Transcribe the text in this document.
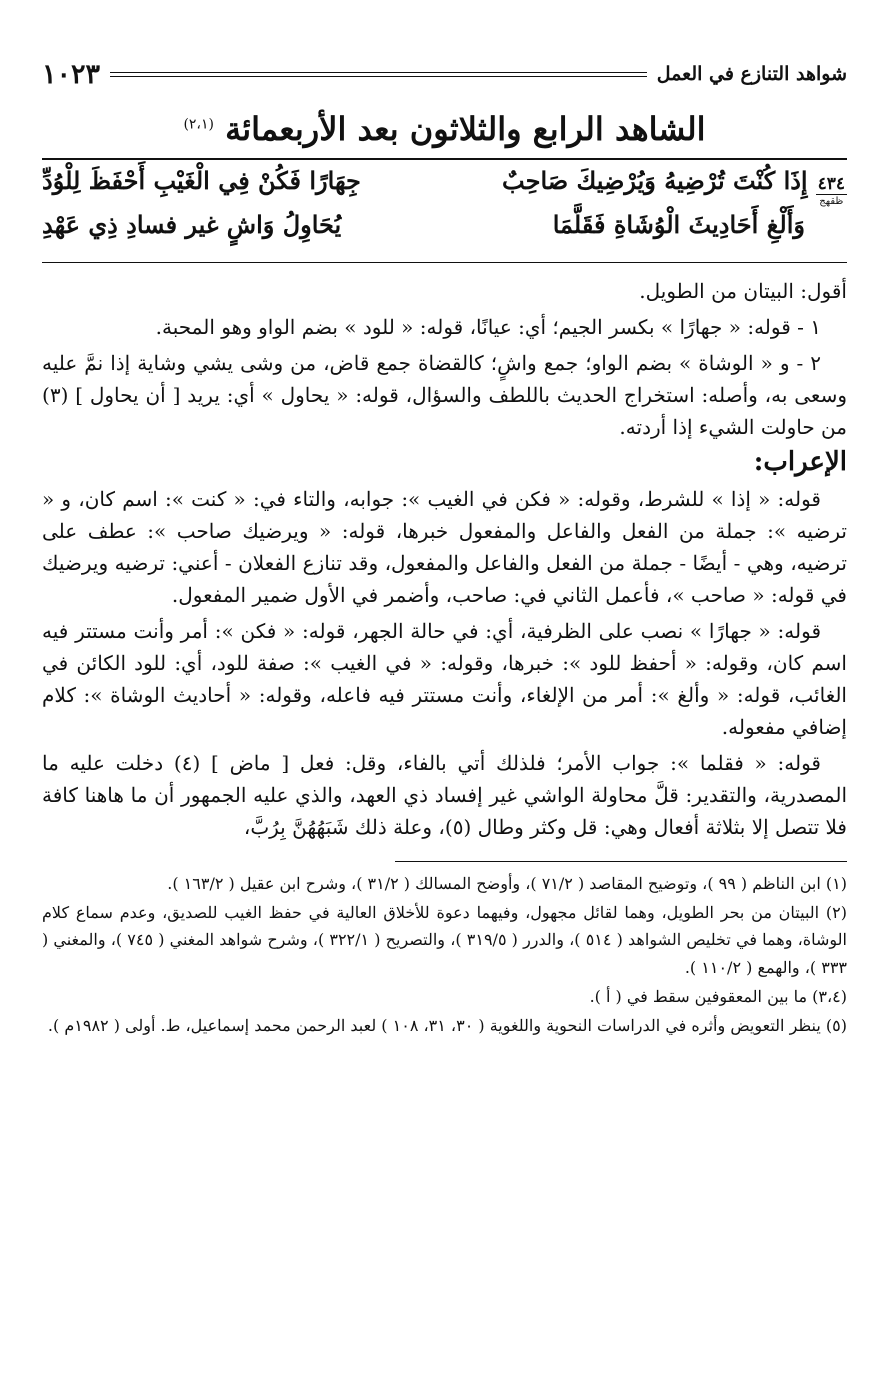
شواهد التنازع في العمل
١٠٢٣
الشاهد الرابع والثلاثون بعد الأربعمائة $^{(٢،١)}$
٤٣٤
ظقهج
إِذَا كُنْتَ تُرْضِيهُ وَيُرْضِيكَ صَاحِبٌ
جِهَارًا فَكُنْ فِي الْغَيْبِ أَحْفَظَ لِلْوُدِّ
وَأَلْغِ أَحَادِيثَ الْوُشَاةِ فَقَلَّمَا
يُحَاوِلُ وَاشٍ غير فسادِ ذِي عَهْدِ

أقول: البيتان من الطويل.

١ - قوله: « جهارًا » بكسر الجيم؛ أي: عيانًا، قوله: « للود » بضم الواو وهو المحبة.

٢ - و « الوشاة » بضم الواو؛ جمع واشٍ؛ كالقضاة جمع قاض، من وشى يشي وشاية إذا نمَّ عليه وسعى به، وأصله: استخراج الحديث باللطف والسؤال، قوله: « يحاول » أي: يريد [ أن يحاول ] (٣) من حاولت الشيء إذا أردته.

الإعراب:

قوله: « إذا » للشرط، وقوله: « فكن في الغيب »: جوابه، والتاء في: « كنت »: اسم كان، و « ترضيه »: جملة من الفعل والفاعل والمفعول خبرها، قوله: « ويرضيك صاحب »: عطف على ترضيه، وهي - أيضًا - جملة من الفعل والفاعل والمفعول، وقد تنازع الفعلان - أعني: ترضيه ويرضيك في قوله: « صاحب »، فأعمل الثاني في: صاحب، وأضمر في الأول ضمير المفعول.

قوله: « جهارًا » نصب على الظرفية، أي: في حالة الجهر، قوله: « فكن »: أمر وأنت مستتر فيه اسم كان، وقوله: « أحفظ للود »: خبرها، وقوله: « في الغيب »: صفة للود، أي: للود الكائن في الغائب، قوله: « وألغ »: أمر من الإلغاء، وأنت مستتر فيه فاعله، وقوله: « أحاديث الوشاة »: كلام إضافي مفعوله.

قوله: « فقلما »: جواب الأمر؛ فلذلك أتي بالفاء، وقل: فعل [ ماض ] (٤) دخلت عليه ما المصدرية، والتقدير: قلَّ محاولة الواشي غير إفساد ذي العهد، والذي عليه الجمهور أن ما هاهنا كافة فلا تتصل إلا بثلاثة أفعال وهي: قل وكثر وطال (٥)، وعلة ذلك شَبَهُهُنَّ بِرُبَّ،

(١) ابن الناظم ( ٩٩ )، وتوضيح المقاصد ( ٧١/٢ )، وأوضح المسالك ( ٣١/٢ )، وشرح ابن عقيل ( ١٦٣/٢ ).

(٢) البيتان من بحر الطويل، وهما لقائل مجهول، وفيهما دعوة للأخلاق العالية في حفظ الغيب للصديق، وعدم سماع كلام الوشاة، وهما في تخليص الشواهد ( ٥١٤ )، والدرر ( ٣١٩/٥ )، والتصريح ( ٣٢٢/١ )، وشرح شواهد المغني ( ٧٤٥ )، والمغني ( ٣٣٣ )، والهمع ( ١١٠/٢ ).

(٣،٤) ما بين المعقوفين سقط في ( أ ).

(٥) ينظر التعويض وأثره في الدراسات النحوية واللغوية ( ٣٠، ٣١، ١٠٨ ) لعبد الرحمن محمد إسماعيل، ط. أولى ( ١٩٨٢م ).
